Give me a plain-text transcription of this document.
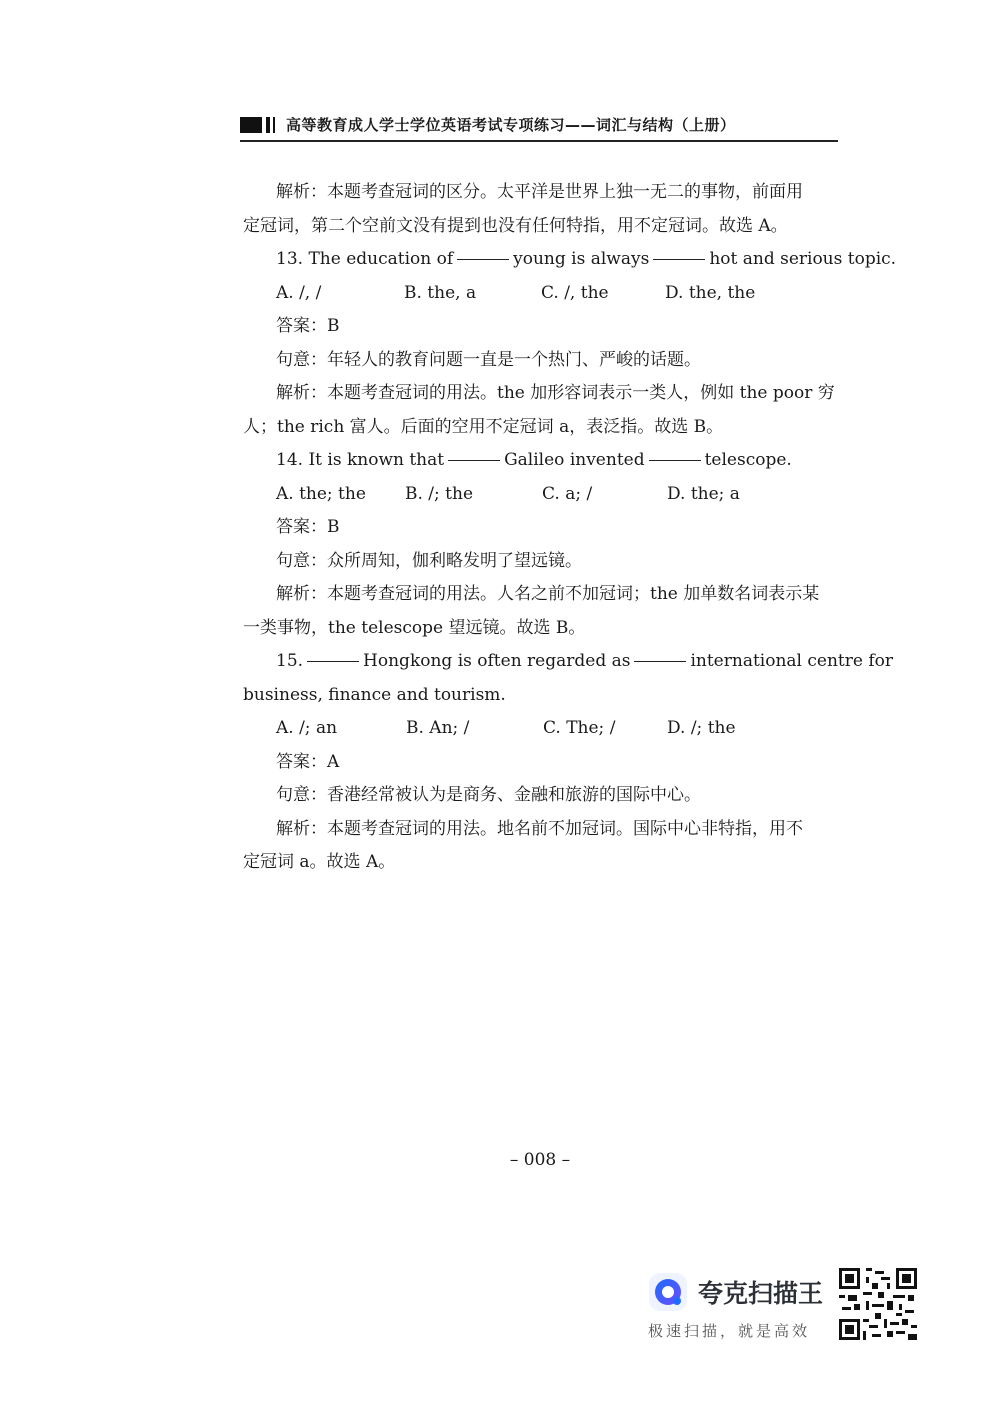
高等教育成人学士学位英语考试专项练习——词汇与结构（上册）
解析：本题考查冠词的区分。太平洋是世界上独一无二的事物，前面用
定冠词，第二个空前文没有提到也没有任何特指，用不定冠词。故选 A。
13. The education of	young is always	hot and serious topic.
A. /, /	B. the, a	C. /, the	D. the, the
答案：B
句意：年轻人的教育问题一直是一个热门、严峻的话题。
解析：本题考查冠词的用法。the 加形容词表示一类人，例如 the poor 穷
人；the rich 富人。后面的空用不定冠词 a，表泛指。故选 B。
14. It is known that	Galileo invented	telescope.
A. the; the B. /; the	C. a; /	D. the; a
答案：B
句意：众所周知，伽利略发明了望远镜。
解析：本题考查冠词的用法。人名之前不加冠词；the 加单数名词表示某
一类事物，the telescope 望远镜。故选 B。
15.	Hongkong is often regarded as	international centre for
business, finance and tourism.
A. /; an	B. An; /	C. The; /	D. /; the
答案：A
句意：香港经常被认为是商务、金融和旅游的国际中心。
解析：本题考查冠词的用法。地名前不加冠词。国际中心非特指，用不
定冠词 a。故选 A。
– 008 –
夸克扫描王
极速扫描，就是高效
